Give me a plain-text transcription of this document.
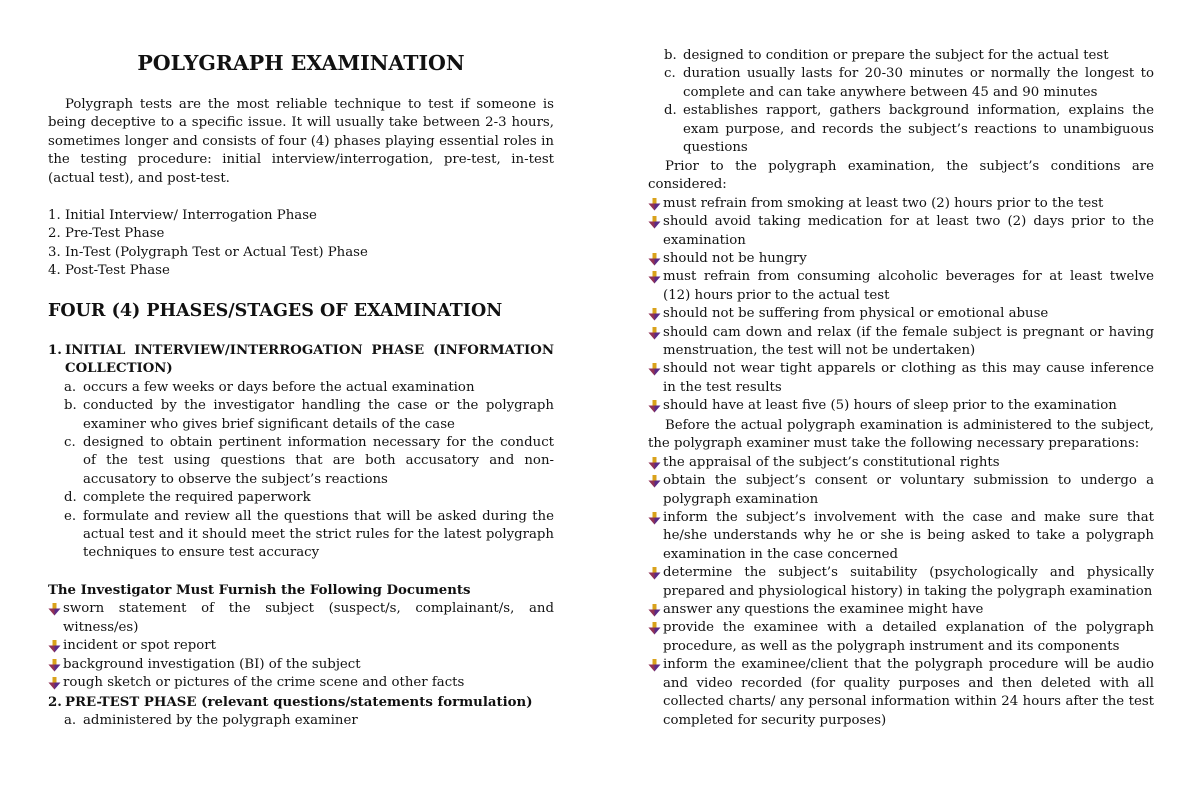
POLYGRAPH EXAMINATION
Polygraph tests are the most reliable technique to test if someone is being deceptive to a specific issue. It will usually take between 2-3 hours, sometimes longer and consists of four (4) phases playing essential roles in the testing procedure: initial interview/interrogation, pre-test, in-test (actual test), and post-test.
1. Initial Interview/ Interrogation Phase
2. Pre-Test Phase
3. In-Test (Polygraph Test or Actual Test) Phase
4. Post-Test Phase
FOUR (4) PHASES/STAGES OF EXAMINATION
1. INITIAL INTERVIEW/INTERROGATION PHASE (INFORMATION COLLECTION)
a. occurs a few weeks or days before the actual examination
b. conducted by the investigator handling the case or the polygraph examiner who gives brief significant details of the case
c. designed to obtain pertinent information necessary for the conduct of the test using questions that are both accusatory and non-accusatory to observe the subject’s reactions
d. complete the required paperwork
e. formulate and review all the questions that will be asked during the actual test and it should meet the strict rules for the latest polygraph techniques to ensure test accuracy
The Investigator Must Furnish the Following Documents
sworn statement of the subject (suspect/s, complainant/s, and witness/es)
incident or spot report
background investigation (BI) of the subject
rough sketch or pictures of the crime scene and other facts
2. PRE-TEST PHASE (relevant questions/statements formulation)
a. administered by the polygraph examiner
b. designed to condition or prepare the subject for the actual test
c. duration usually lasts for 20-30 minutes or normally the longest to complete and can take anywhere between 45 and 90 minutes
d. establishes rapport, gathers background information, explains the exam purpose, and records the subject’s reactions to unambiguous questions
Prior to the polygraph examination, the subject’s conditions are considered:
must refrain from smoking at least two (2) hours prior to the test
should avoid taking medication for at least two (2) days prior to the examination
should not be hungry
must refrain from consuming alcoholic beverages for at least twelve (12) hours prior to the actual test
should not be suffering from physical or emotional abuse
should cam down and relax (if the female subject is pregnant or having menstruation, the test will not be undertaken)
should not wear tight apparels or clothing as this may cause inference in the test results
should have at least five (5) hours of sleep prior to the examination
Before the actual polygraph examination is administered to the subject, the polygraph examiner must take the following necessary preparations:
the appraisal of the subject’s constitutional rights
obtain the subject’s consent or voluntary submission to undergo a polygraph examination
inform the subject’s involvement with the case and make sure that he/she understands why he or she is being asked to take a polygraph examination in the case concerned
determine the subject’s suitability (psychologically and physically prepared and physiological history) in taking the polygraph examination
answer any questions the examinee might have
provide the examinee with a detailed explanation of the polygraph procedure, as well as the polygraph instrument and its components
inform the examinee/client that the polygraph procedure will be audio and video recorded (for quality purposes and then deleted with all collected charts/ any personal information within 24 hours after the test completed for security purposes)
